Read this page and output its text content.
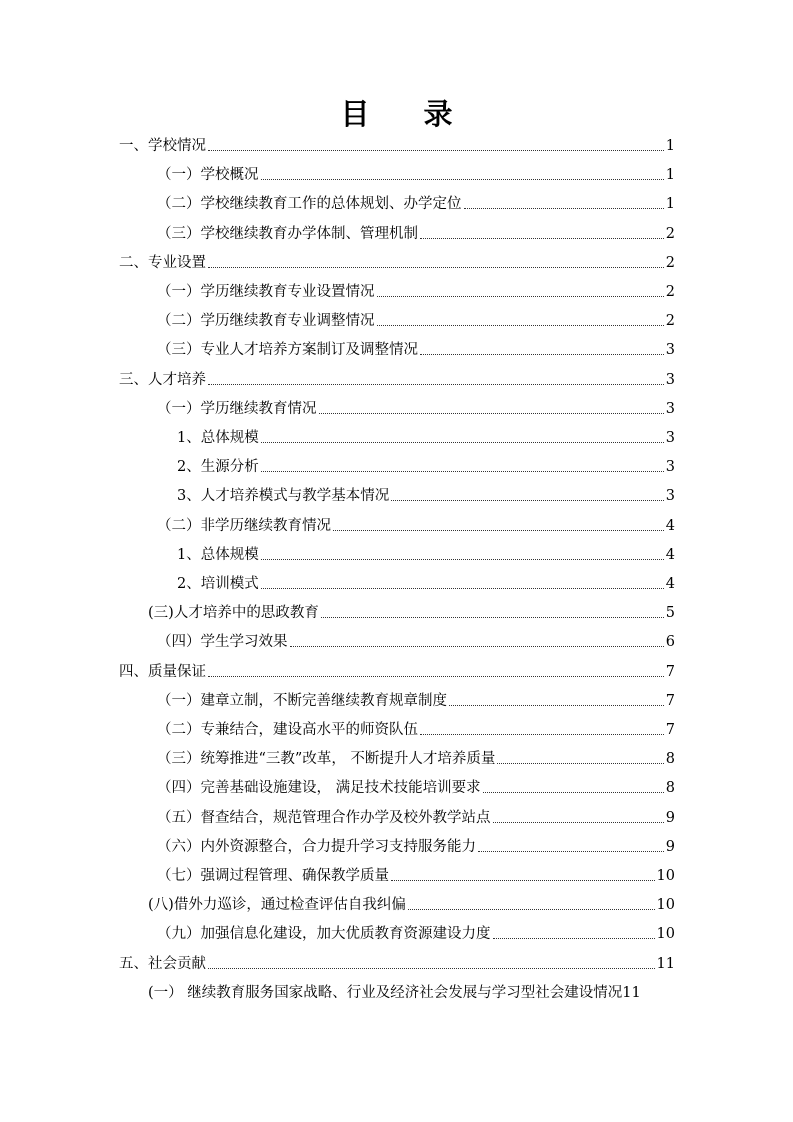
目 录
一、学校情况	1
（一）学校概况	1
（二）学校继续教育工作的总体规划、办学定位	1
（三）学校继续教育办学体制、管理机制	2
二、专业设置	2
（一）学历继续教育专业设置情况	2
（二）学历继续教育专业调整情况	2
（三）专业人才培养方案制订及调整情况	3
三、人才培养	3
（一）学历继续教育情况	3
1、总体规模	3
2、生源分析	3
3、人才培养模式与教学基本情况	3
（二）非学历继续教育情况	4
1、总体规模	4
2、培训模式	4
(三)人才培养中的思政教育	5
（四）学生学习效果	6
四、质量保证	7
（一）建章立制，不断完善继续教育规章制度	7
（二）专兼结合，建设高水平的师资队伍	7
（三）统筹推进“三教”改革， 不断提升人才培养质量	8
（四）完善基础设施建设， 满足技术技能培训要求	8
（五）督查结合，规范管理合作办学及校外教学站点	9
（六）内外资源整合，合力提升学习支持服务能力	9
（七）强调过程管理、确保教学质量	10
(八)借外力巡诊，通过检查评估自我纠偏	10
（九）加强信息化建设，加大优质教育资源建设力度	10
五、社会贡献	11
(一） 继续教育服务国家战略、行业及经济社会发展与学习型社会建设情况 11
